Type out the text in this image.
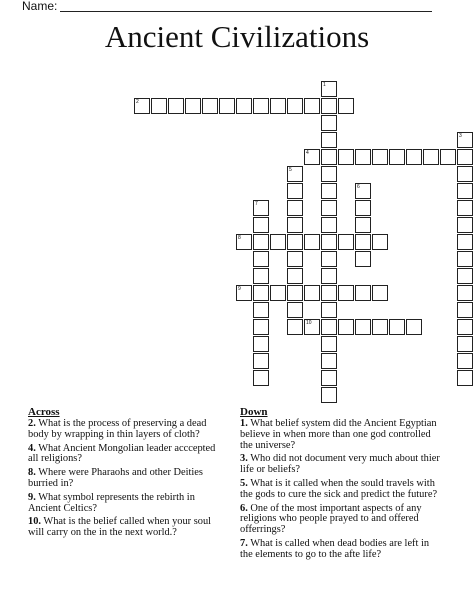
Name:
Ancient Civilizations
1
2
3
4
5
6
7
8
9
10
Across
2. What is the process of preserving a dead body by wrapping in thin layers of cloth?
4. What Ancient Mongolian leader acccepted all religions?
8. Where were Pharaohs and other Deities burried in?
9. What symbol represents the rebirth in Ancient Celtics?
10. What is the belief called when your soul will carry on the in the next world.?
Down
1. What belief system did the Ancient Egyptian believe in when more than one god controlled the universe?
3. Who did not document very much about thier life or beliefs?
5. What is it called when the sould travels with the gods to cure the sick and predict the future?
6. One of the most important aspects of any religions who people prayed to and offered offerrings?
7. What is called when dead bodies are left in the elements to go to the afte life?
